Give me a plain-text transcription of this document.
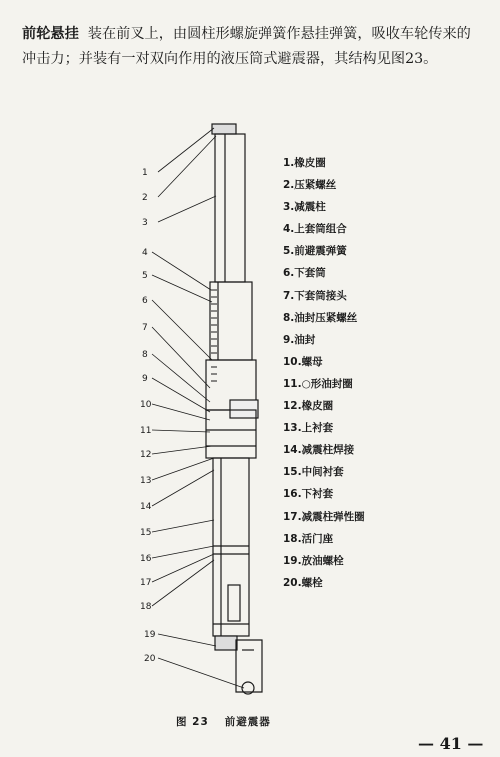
前轮悬挂 装在前叉上，由圆柱形螺旋弹簧作悬挂弹簧，吸收车轮传来的冲击力；并装有一对双向作用的液压筒式避震器，其结构见图23。

1
2
3
4
5
6
7
8
9
10
11
12
13
14
15
16
17
18
19
20
1.橡皮圈
2.压紧螺丝
3.减震柱
4.上套筒组合
5.前避震弹簧
6.下套筒
7.下套筒接头
8.油封压紧螺丝
9.油封
10.螺母
11.○形油封圈
12.橡皮圈
13.上衬套
14.减震柱焊接
15.中间衬套
16.下衬套
17.减震柱弹性圈
18.活门座
19.放油螺栓
20.螺栓
图 23 前避震器
— 41 —
